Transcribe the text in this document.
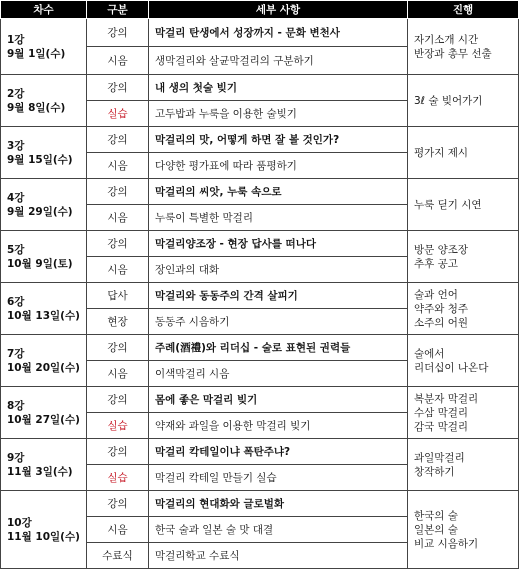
차수	구분	세부 사항	진행

1강
9월 1일(수)	강의	막걸리 탄생에서 성장까지 - 문화 변천사	자기소개 시간
반장과 총무 선출

	시음	생막걸리와 살균막걸리의 구분하기	

2강
9월 8일(수)	강의	내 생의 첫술 빚기	3ℓ 술 빚어가기

	실습	고두밥과 누룩을 이용한 술빚기	

3강
9월 15일(수)	강의	막걸리의 맛, 어떻게 하면 잘 볼 것인가?	평가지 제시

	시음	다양한 평가표에 따라 품평하기	

4강
9월 29일(수)	강의	막걸리의 씨앗, 누룩 속으로	누룩 딛기 시연

	시음	누룩이 특별한 막걸리	

5강
10월 9일(토)	강의	막걸리양조장 - 현장 답사를 떠나다	방문 양조장
추후 공고

	시음	장인과의 대화	

6강
10월 13일(수)	답사	막걸리와 동동주의 간격 살피기	술과 언어
약주와 청주
소주의 어원

	현장	동동주 시음하기	

7강
10월 20일(수)	강의	주례(酒禮)와 리더십 - 술로 표현된 권력들	술에서
리더십이 나온다

	시음	이색막걸리 시음	

8강
10월 27일(수)	강의	몸에 좋은 막걸리 빚기	복분자 막걸리
수삼 막걸리
감국 막걸리

	실습	약재와 과일을 이용한 막걸리 빚기	

9강
11월 3일(수)	강의	막걸리 칵테일이냐 폭탄주냐?	과일막걸리
창작하기

	실습	막걸리 칵테일 만들기 실습	

10강
11월 10일(수)	강의	막걸리의 현대화와 글로벌화	한국의 술
일본의 술
비교 시음하기

	시음	한국 술과 일본 술 맛 대결	
	수료식	막걸리학교 수료식	
